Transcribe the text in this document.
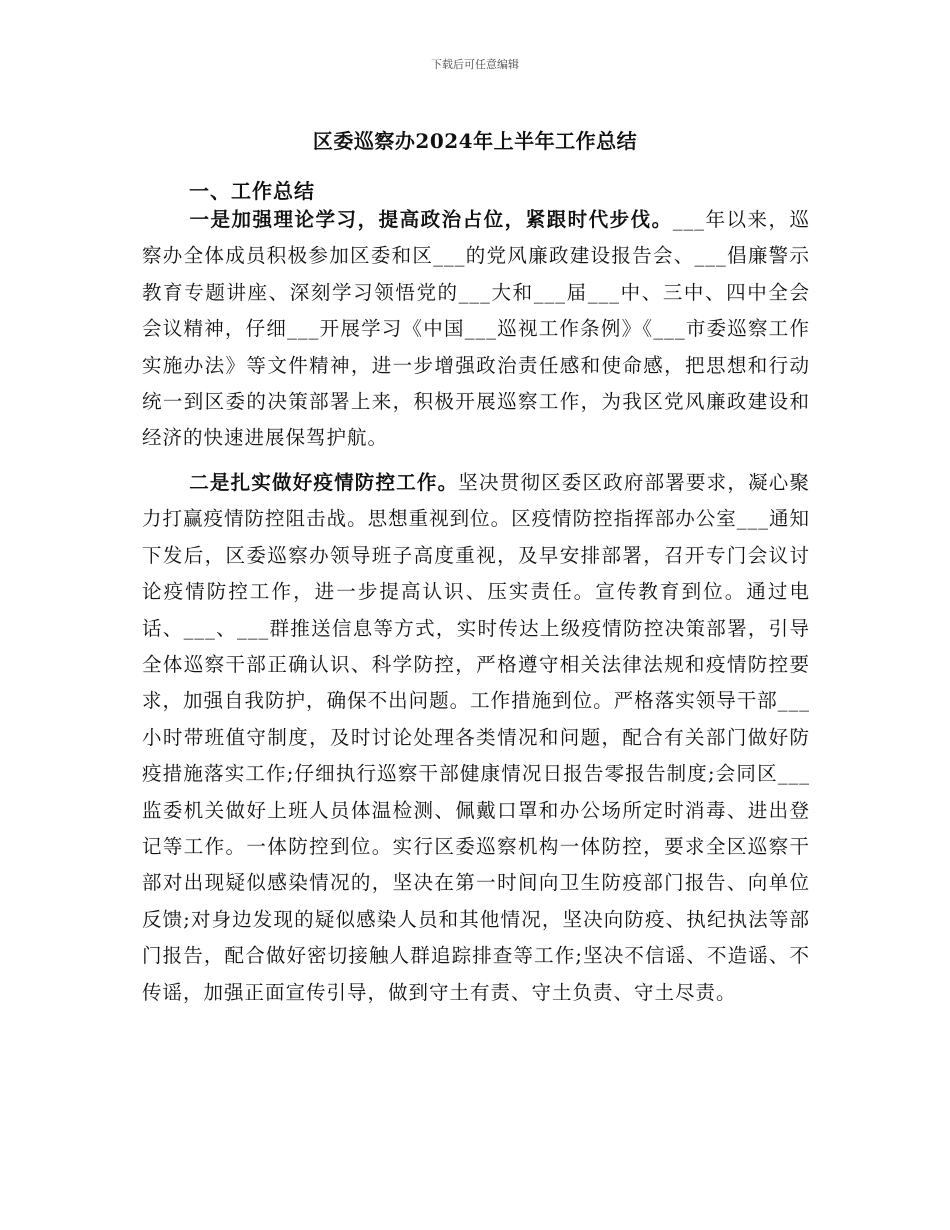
下载后可任意编辑
区委巡察办2024年上半年工作总结
一、工作总结
一是加强理论学习，提高政治占位，紧跟时代步伐。___年以来，巡察办全体成员积极参加区委和区___的党风廉政建设报告会、___倡廉警示教育专题讲座、深刻学习领悟党的___大和___届___中、三中、四中全会会议精神，仔细___开展学习《中国___巡视工作条例》《___市委巡察工作实施办法》等文件精神，进一步增强政治责任感和使命感，把思想和行动统一到区委的决策部署上来，积极开展巡察工作，为我区党风廉政建设和经济的快速进展保驾护航。
二是扎实做好疫情防控工作。坚决贯彻区委区政府部署要求，凝心聚力打赢疫情防控阻击战。思想重视到位。区疫情防控指挥部办公室___通知下发后，区委巡察办领导班子高度重视，及早安排部署，召开专门会议讨论疫情防控工作，进一步提高认识、压实责任。宣传教育到位。通过电话、___、___群推送信息等方式，实时传达上级疫情防控决策部署，引导全体巡察干部正确认识、科学防控，严格遵守相关法律法规和疫情防控要求，加强自我防护，确保不出问题。工作措施到位。严格落实领导干部___小时带班值守制度，及时讨论处理各类情况和问题，配合有关部门做好防疫措施落实工作;仔细执行巡察干部健康情况日报告零报告制度;会同区___监委机关做好上班人员体温检测、佩戴口罩和办公场所定时消毒、进出登记等工作。一体防控到位。实行区委巡察机构一体防控，要求全区巡察干部对出现疑似感染情况的，坚决在第一时间向卫生防疫部门报告、向单位反馈;对身边发现的疑似感染人员和其他情况，坚决向防疫、执纪执法等部门报告，配合做好密切接触人群追踪排查等工作;坚决不信谣、不造谣、不传谣，加强正面宣传引导，做到守土有责、守土负责、守土尽责。
